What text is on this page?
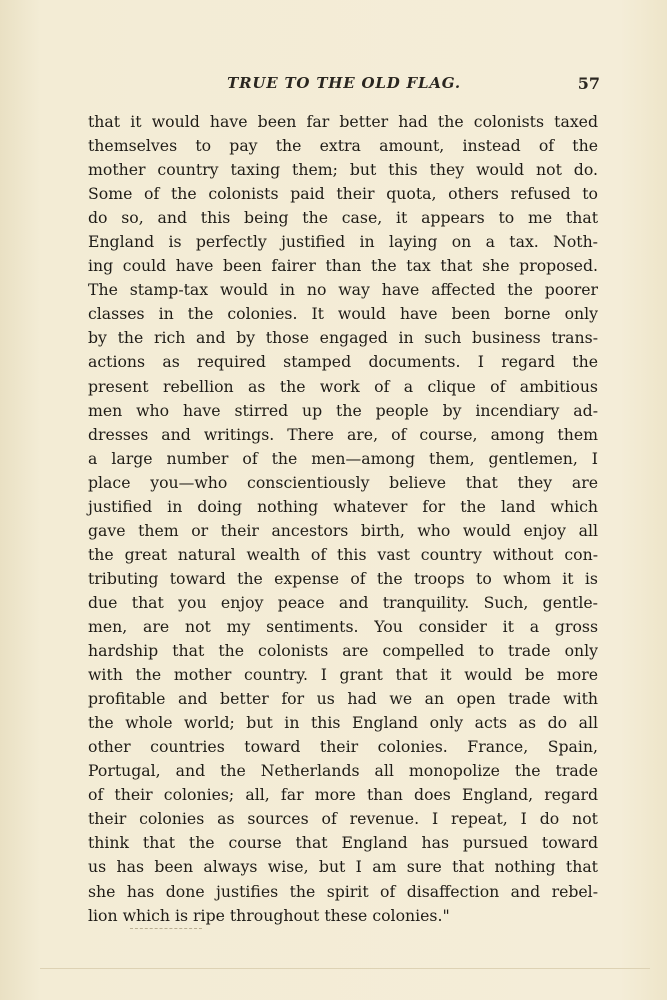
TRUE TO THE OLD FLAG.	57
that it would have been far better had the colonists taxed
themselves to pay the extra amount, instead of the
mother country taxing them; but this they would not do.
Some of the colonists paid their quota, others refused to
do so, and this being the case, it appears to me that
England is perfectly justified in laying on a tax. Noth-
ing could have been fairer than the tax that she proposed.
The stamp-tax would in no way have affected the poorer
classes in the colonies. It would have been borne only
by the rich and by those engaged in such business trans-
actions as required stamped documents. I regard the
present rebellion as the work of a clique of ambitious
men who have stirred up the people by incendiary ad-
dresses and writings. There are, of course, among them
a large number of the men—among them, gentlemen, I
place you—who conscientiously believe that they are
justified in doing nothing whatever for the land which
gave them or their ancestors birth, who would enjoy all
the great natural wealth of this vast country without con-
tributing toward the expense of the troops to whom it is
due that you enjoy peace and tranquility. Such, gentle-
men, are not my sentiments. You consider it a gross
hardship that the colonists are compelled to trade only
with the mother country. I grant that it would be more
profitable and better for us had we an open trade with
the whole world; but in this England only acts as do all
other countries toward their colonies. France, Spain,
Portugal, and the Netherlands all monopolize the trade
of their colonies; all, far more than does England, regard
their colonies as sources of revenue. I repeat, I do not
think that the course that England has pursued toward
us has been always wise, but I am sure that nothing that
she has done justifies the spirit of disaffection and rebel-
lion which is ripe throughout these colonies."
